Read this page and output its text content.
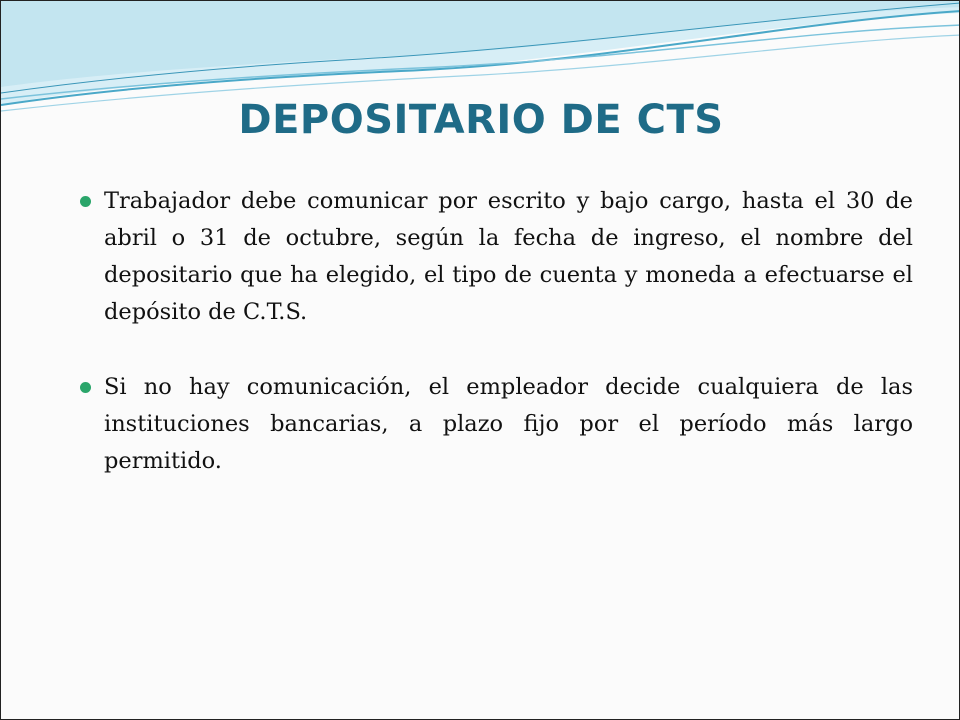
DEPOSITARIO DE CTS
Trabajador debe comunicar por escrito y bajo cargo, hasta el 30 de abril o 31 de octubre, según la fecha de ingreso, el nombre del depositario que ha elegido, el tipo de cuenta y moneda a efectuarse el depósito de C.T.S.
Si no hay comunicación, el empleador decide cualquiera de las instituciones bancarias, a plazo fijo por el período más largo permitido.
